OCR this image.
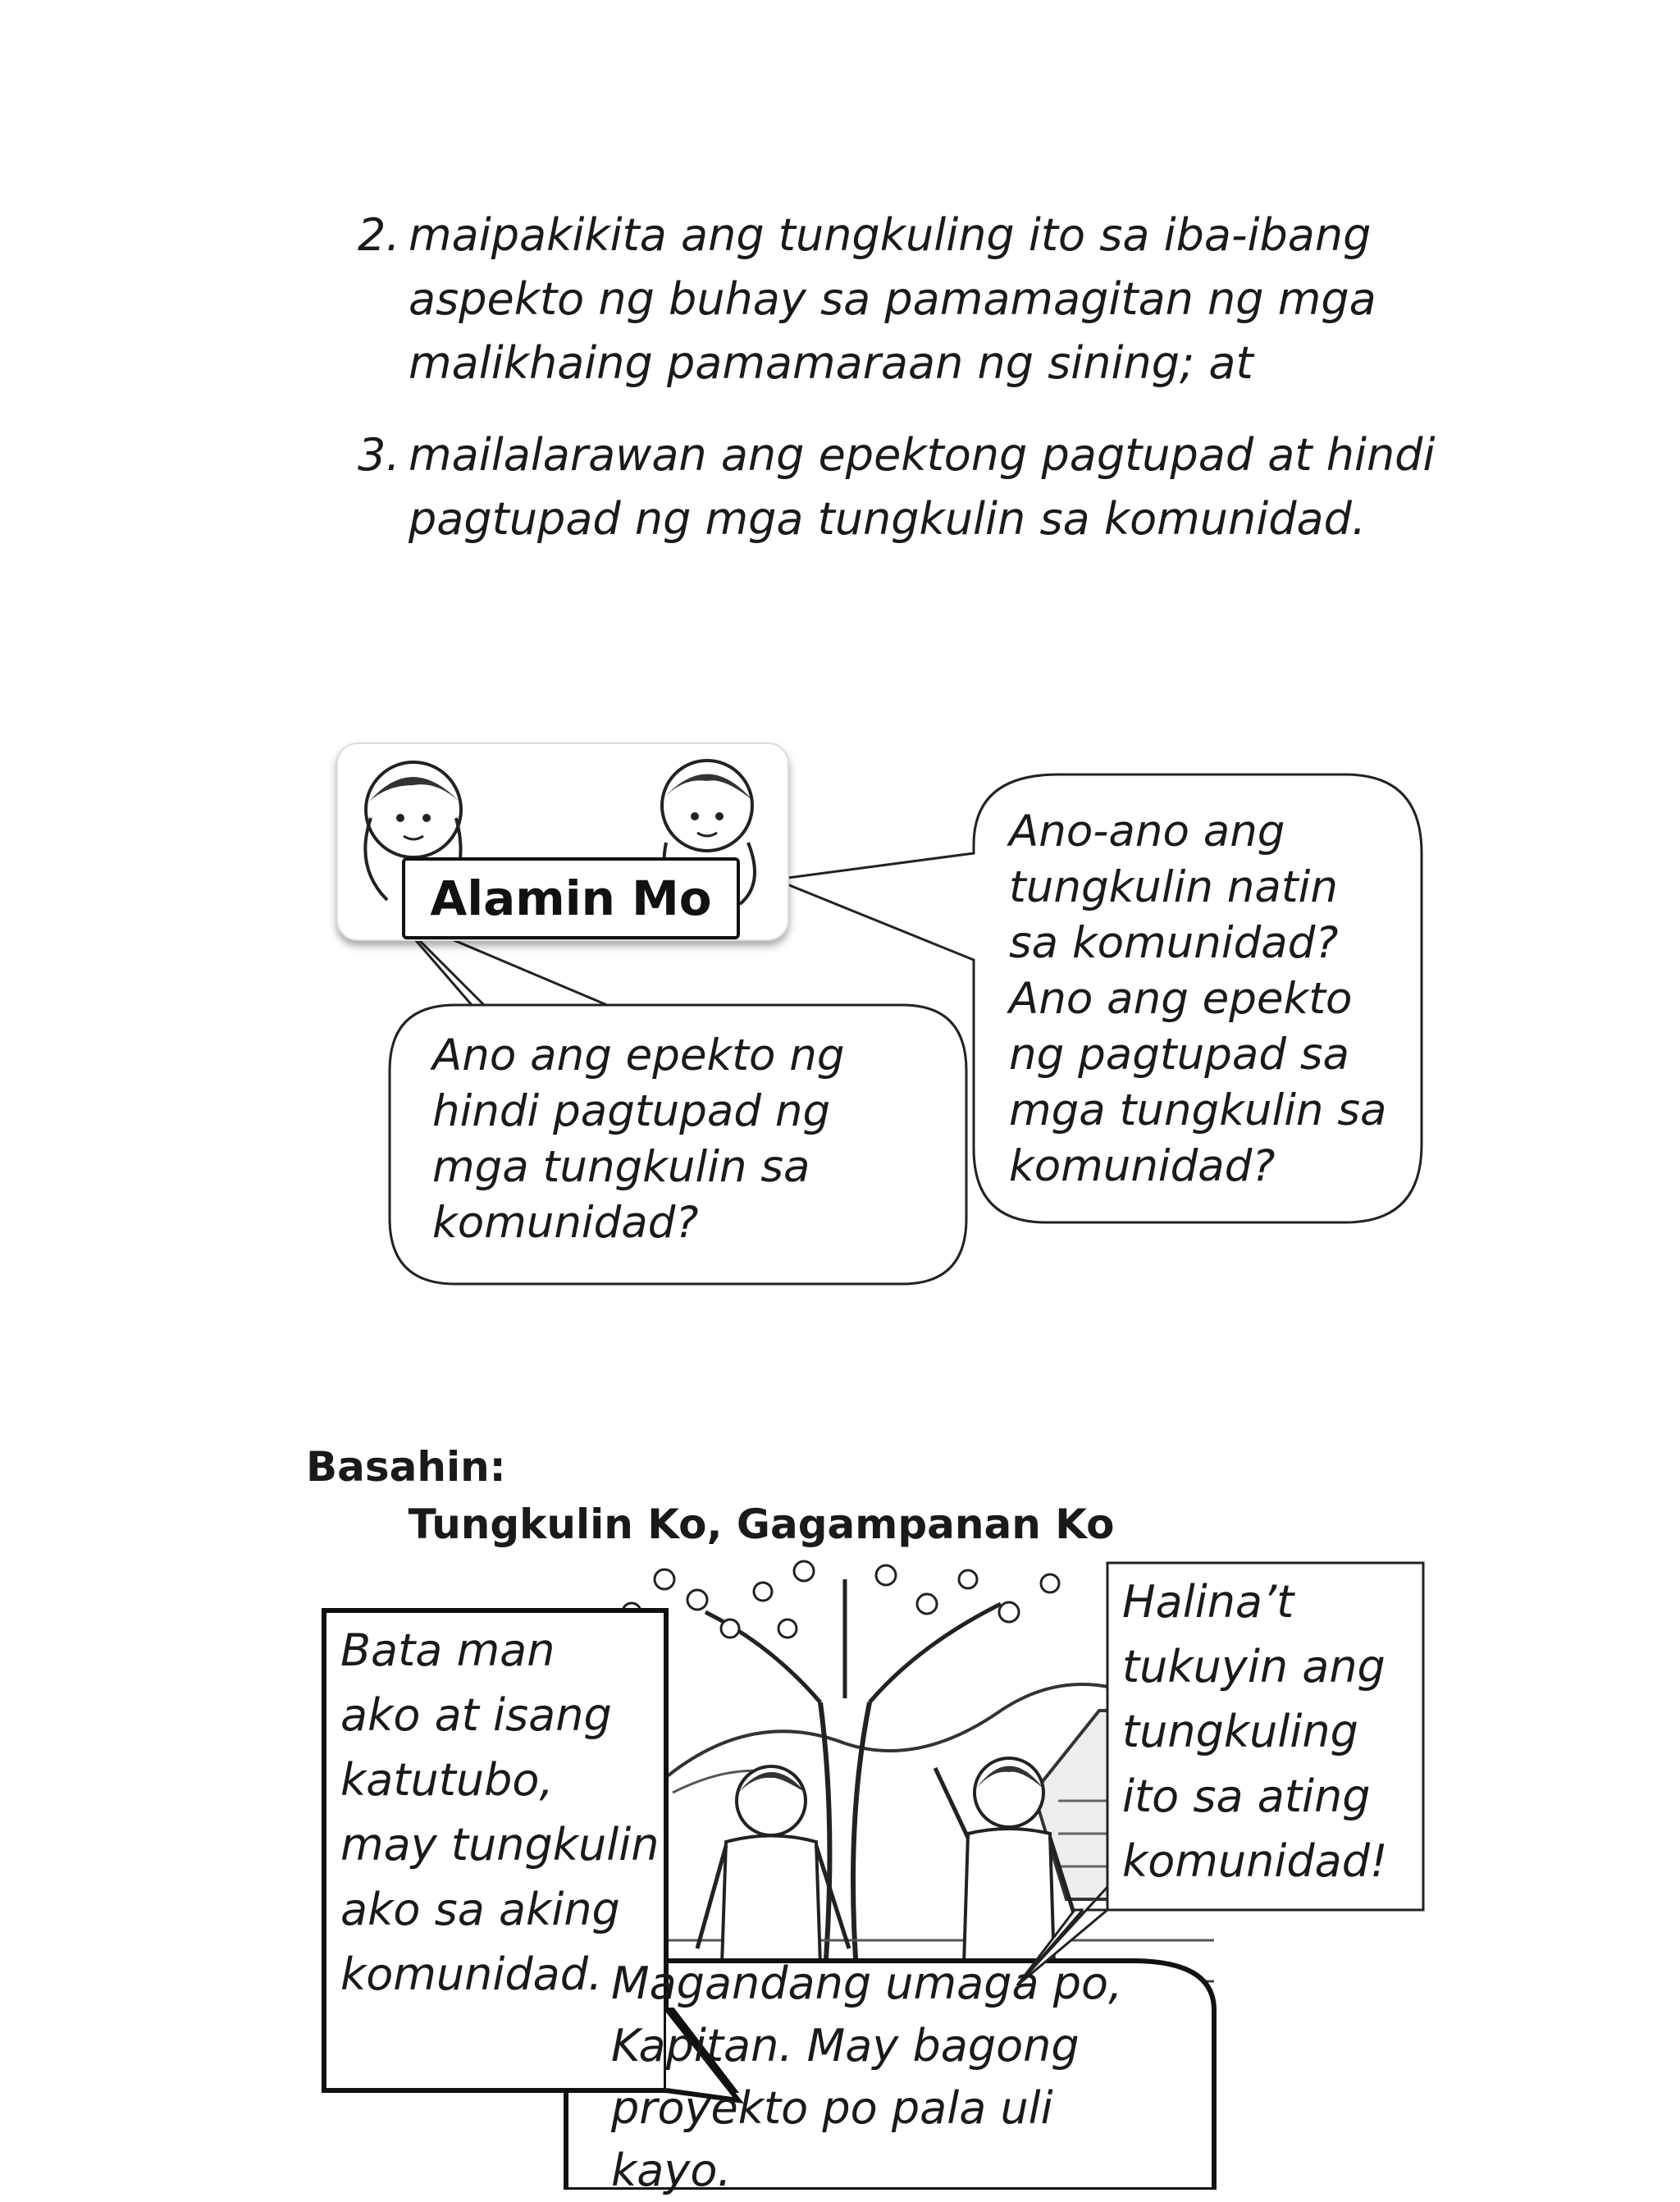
2. maipakikita ang tungkuling ito sa iba-ibang aspekto ng buhay sa pamamagitan ng mga malikhaing pamamaraan ng sining; at
3. mailalarawan ang epektong pagtupad at hindi pagtupad ng mga tungkulin sa komunidad.
Alamin Mo
Ano-ano ang
tungkulin natin
sa komunidad?
Ano ang epekto
ng pagtupad sa
mga tungkulin sa
komunidad?
Ano ang epekto ng
hindi pagtupad ng
mga tungkulin sa
komunidad?
Basahin:
Tungkulin Ko, Gagampanan Ko
Bata man
ako at isang
katutubo,
may tungkulin
ako sa aking
komunidad.
Halina’t
tukuyin ang
tungkuling
ito sa ating
komunidad!
Magandang umaga po,
Kapitan. May bagong
proyekto po pala uli
kayo.
